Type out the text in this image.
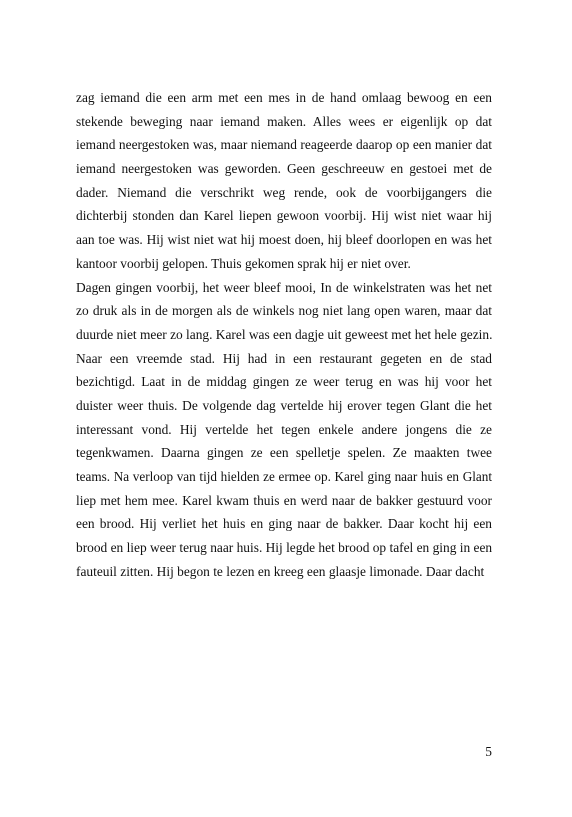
zag iemand die een arm met een mes in de hand omlaag bewoog en een
stekende beweging naar iemand maken. Alles wees er eigenlijk op dat
iemand neergestoken was, maar niemand reageerde daarop op een manier dat
iemand neergestoken was geworden. Geen geschreeuw en gestoei met de
dader. Niemand die verschrikt weg rende, ook de voorbijgangers die
dichterbij stonden dan Karel liepen gewoon voorbij. Hij wist niet waar hij
aan toe was. Hij wist niet wat hij moest doen, hij bleef doorlopen en was het
kantoor voorbij gelopen. Thuis gekomen sprak hij er niet over.
Dagen gingen voorbij, het weer bleef mooi, In de winkelstraten was het net
zo druk als in de morgen als de winkels nog niet lang open waren, maar dat
duurde niet meer zo lang. Karel was een dagje uit geweest met het hele gezin.
Naar een vreemde stad. Hij had in een restaurant gegeten en de stad
bezichtigd. Laat in de middag gingen ze weer terug en was hij voor het
duister weer thuis. De volgende dag vertelde hij erover tegen Glant die het
interessant vond. Hij vertelde het tegen enkele andere jongens die ze
tegenkwamen. Daarna gingen ze een spelletje spelen. Ze maakten twee
teams. Na verloop van tijd hielden ze ermee op. Karel ging naar huis en Glant
liep met hem mee. Karel kwam thuis en werd naar de bakker gestuurd voor
een brood. Hij verliet het huis en ging naar de bakker. Daar kocht hij een
brood en liep weer terug naar huis. Hij legde het brood op tafel en ging in een
fauteuil zitten. Hij begon te lezen en kreeg een glaasje limonade. Daar dacht
5
